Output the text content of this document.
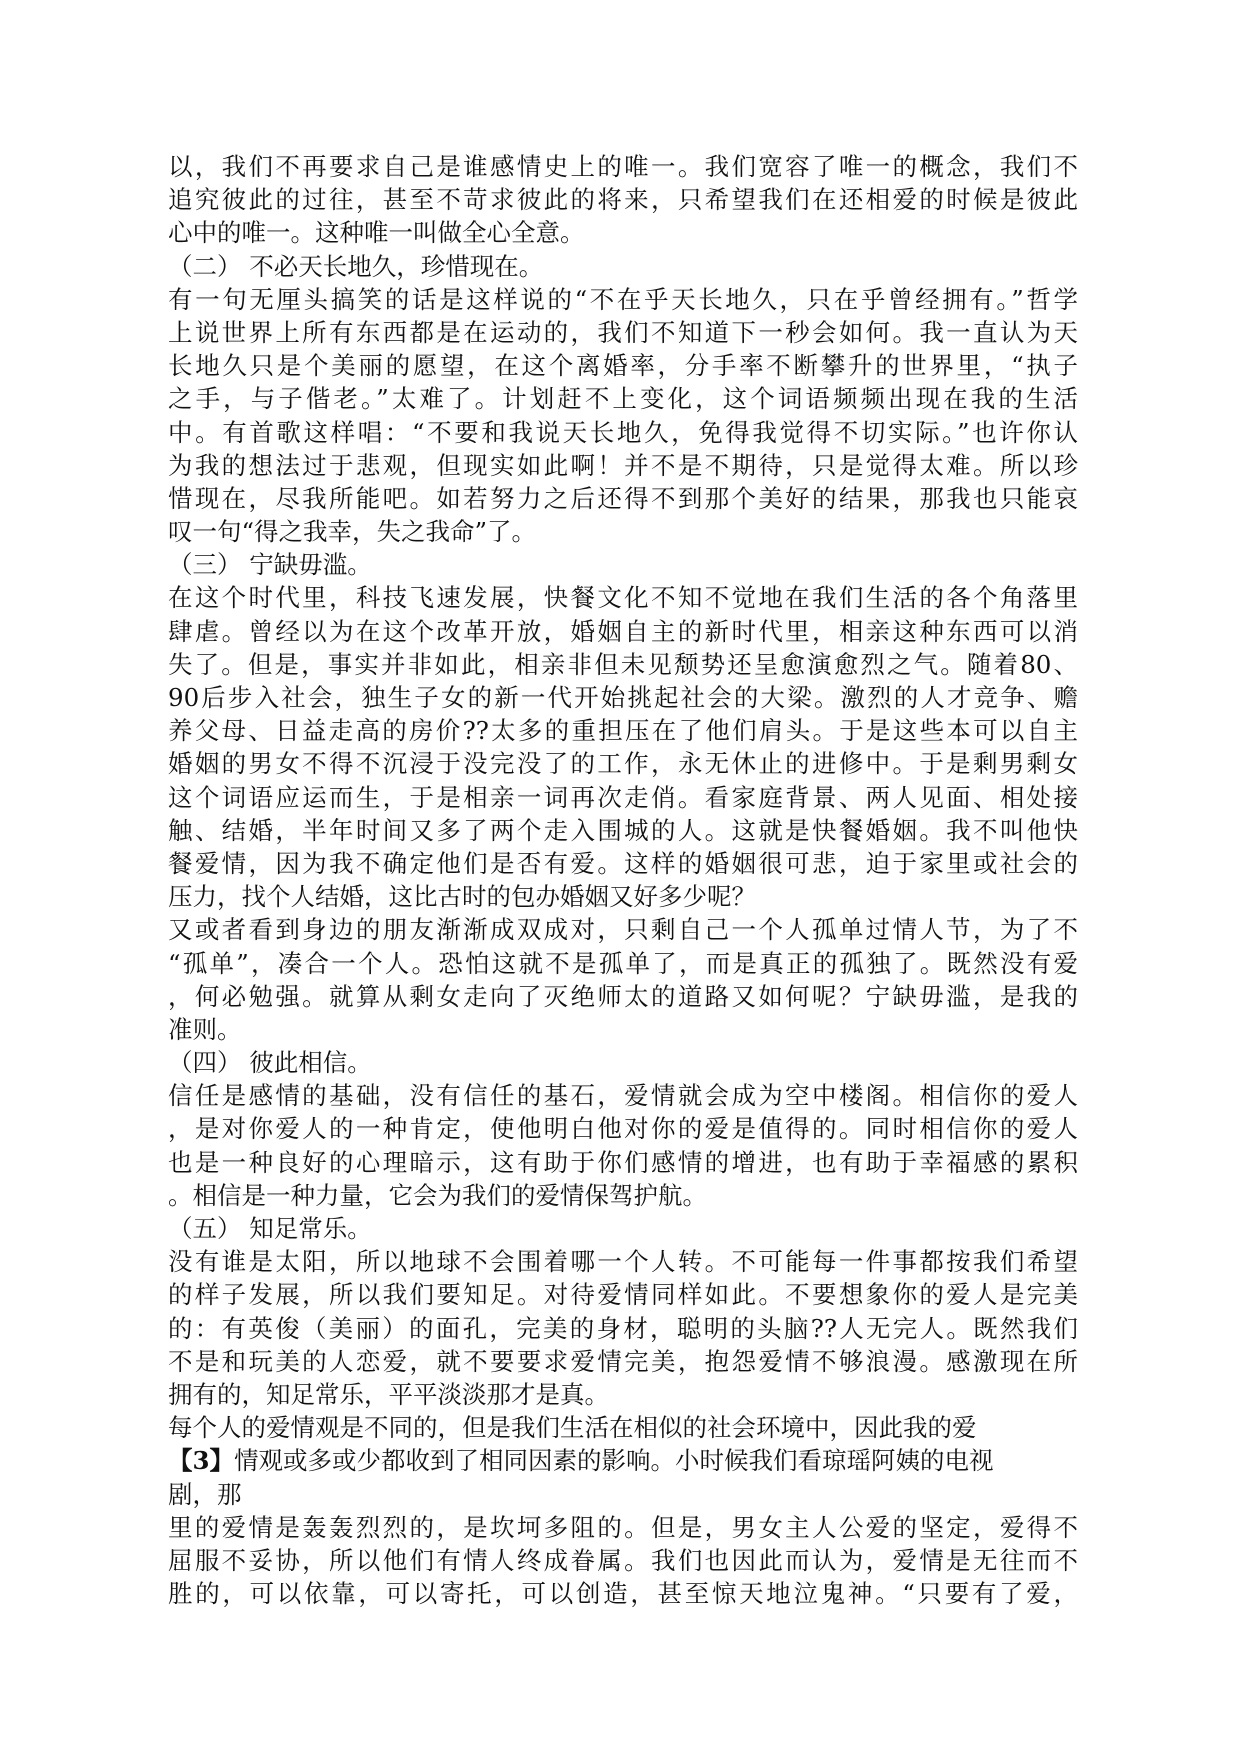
以，我们不再要求自己是谁感情史上的唯一。我们宽容了唯一的概念，我们不
追究彼此的过往，甚至不苛求彼此的将来，只希望我们在还相爱的时候是彼此
心中的唯一。这种唯一叫做全心全意。
（二） 不必天长地久，珍惜现在。
有一句无厘头搞笑的话是这样说的“不在乎天长地久，只在乎曾经拥有。”哲学
上说世界上所有东西都是在运动的，我们不知道下一秒会如何。我一直认为天
长地久只是个美丽的愿望，在这个离婚率，分手率不断攀升的世界里，“执子
之手，与子偕老。”太难了。计划赶不上变化，这个词语频频出现在我的生活
中。有首歌这样唱：“不要和我说天长地久，免得我觉得不切实际。”也许你认
为我的想法过于悲观，但现实如此啊！并不是不期待，只是觉得太难。所以珍
惜现在，尽我所能吧。如若努力之后还得不到那个美好的结果，那我也只能哀
叹一句“得之我幸，失之我命”了。
（三） 宁缺毋滥。
在这个时代里，科技飞速发展，快餐文化不知不觉地在我们生活的各个角落里
肆虐。曾经以为在这个改革开放，婚姻自主的新时代里，相亲这种东西可以消
失了。但是，事实并非如此，相亲非但未见颓势还呈愈演愈烈之气。随着80、
90后步入社会，独生子女的新一代开始挑起社会的大梁。激烈的人才竞争、赡
养父母、日益走高的房价??太多的重担压在了他们肩头。于是这些本可以自主
婚姻的男女不得不沉浸于没完没了的工作，永无休止的进修中。于是剩男剩女
这个词语应运而生，于是相亲一词再次走俏。看家庭背景、两人见面、相处接
触、结婚，半年时间又多了两个走入围城的人。这就是快餐婚姻。我不叫他快
餐爱情，因为我不确定他们是否有爱。这样的婚姻很可悲，迫于家里或社会的
压力，找个人结婚，这比古时的包办婚姻又好多少呢？
又或者看到身边的朋友渐渐成双成对，只剩自己一个人孤单过情人节，为了不
“孤单”，凑合一个人。恐怕这就不是孤单了，而是真正的孤独了。既然没有爱
，何必勉强。就算从剩女走向了灭绝师太的道路又如何呢？宁缺毋滥，是我的
准则。
（四） 彼此相信。
信任是感情的基础，没有信任的基石，爱情就会成为空中楼阁。相信你的爱人
，是对你爱人的一种肯定，使他明白他对你的爱是值得的。同时相信你的爱人
也是一种良好的心理暗示，这有助于你们感情的增进，也有助于幸福感的累积
。相信是一种力量，它会为我们的爱情保驾护航。
（五） 知足常乐。
没有谁是太阳，所以地球不会围着哪一个人转。不可能每一件事都按我们希望
的样子发展，所以我们要知足。对待爱情同样如此。不要想象你的爱人是完美
的：有英俊（美丽）的面孔，完美的身材，聪明的头脑??人无完人。既然我们
不是和玩美的人恋爱，就不要要求爱情完美，抱怨爱情不够浪漫。感激现在所
拥有的，知足常乐，平平淡淡那才是真。
每个人的爱情观是不同的，但是我们生活在相似的社会环境中，因此我的爱
【3】情观或多或少都收到了相同因素的影响。小时候我们看琼瑶阿姨的电视
剧，那
里的爱情是轰轰烈烈的，是坎坷多阻的。但是，男女主人公爱的坚定，爱得不
屈服不妥协，所以他们有情人终成眷属。我们也因此而认为，爱情是无往而不
胜的，可以依靠，可以寄托，可以创造，甚至惊天地泣鬼神。“只要有了爱，
